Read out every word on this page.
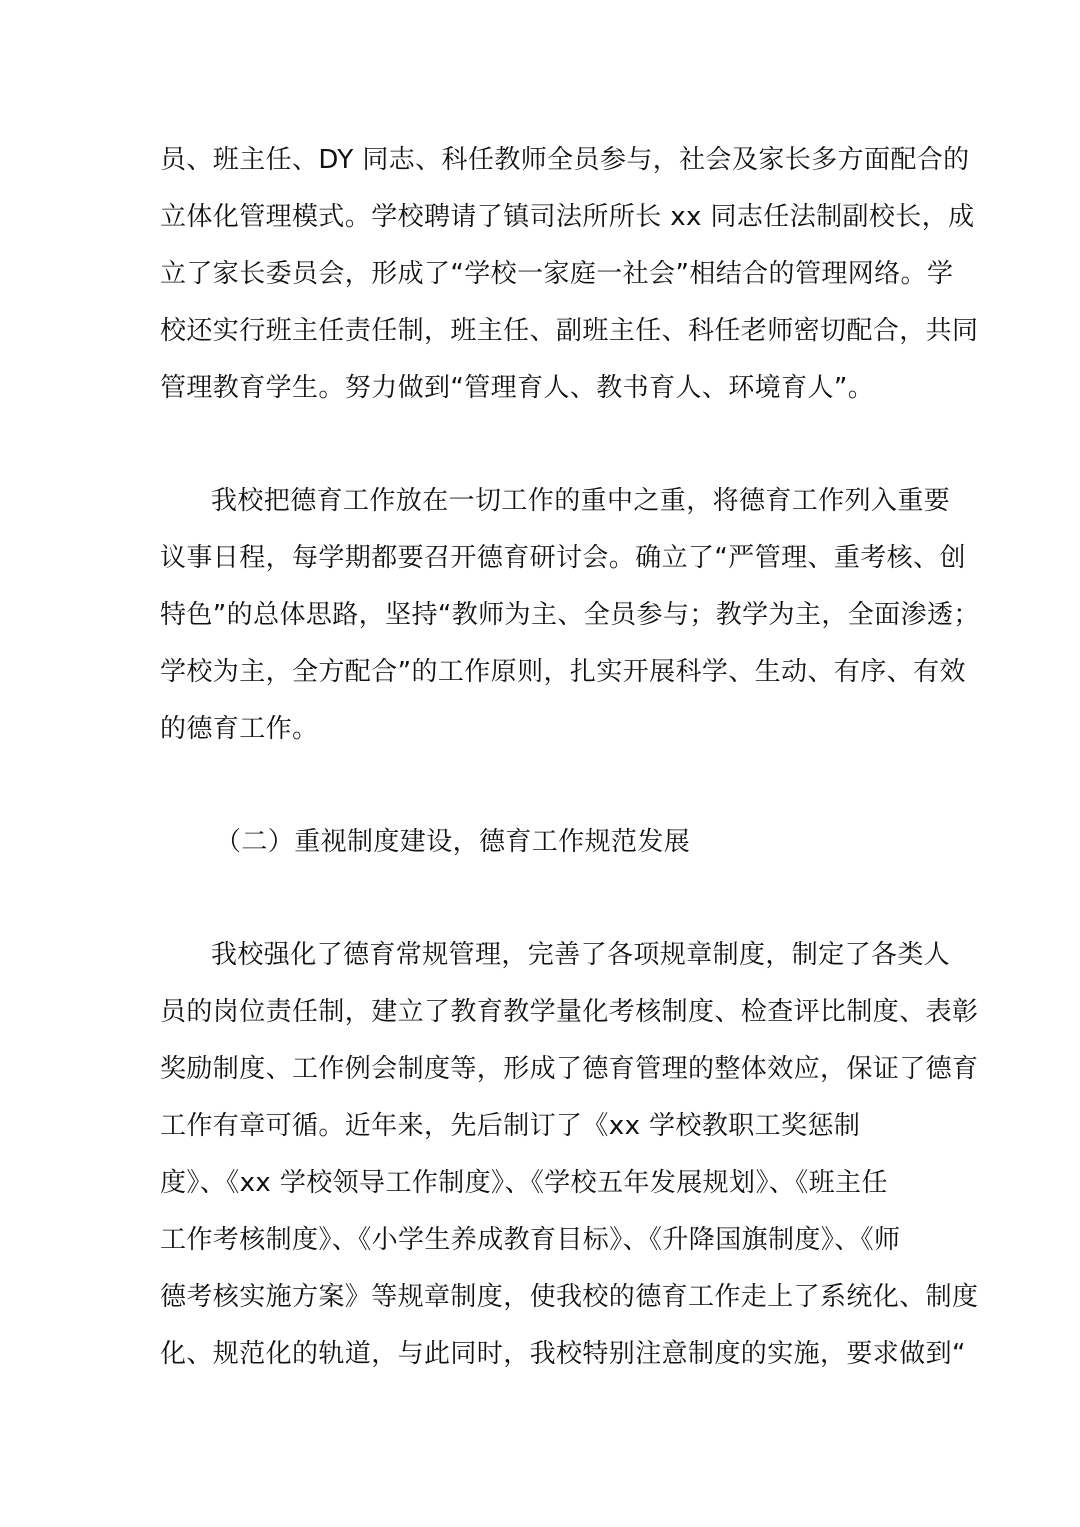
员、班主任、DY 同志、科任教师全员参与，社会及家长多方面配合的
立体化管理模式。学校聘请了镇司法所所长 xx 同志任法制副校长，成
立了家长委员会，形成了“学校一家庭一社会”相结合的管理网络。学
校还实行班主任责任制，班主任、副班主任、科任老师密切配合，共同
管理教育学生。努力做到“管理育人、教书育人、环境育人”。
我校把德育工作放在一切工作的重中之重，将德育工作列入重要
议事日程，每学期都要召开德育研讨会。确立了“严管理、重考核、创
特色”的总体思路，坚持“教师为主、全员参与；教学为主，全面渗透；
学校为主，全方配合”的工作原则，扎实开展科学、生动、有序、有效
的德育工作。
（二）重视制度建设，德育工作规范发展
我校强化了德育常规管理，完善了各项规章制度，制定了各类人
员的岗位责任制，建立了教育教学量化考核制度、检查评比制度、表彰
奖励制度、工作例会制度等，形成了德育管理的整体效应，保证了德育
工作有章可循。近年来，先后制订了《xx 学校教职工奖惩制
度》、《xx 学校领导工作制度》、《学校五年发展规划》、《班主任
工作考核制度》、《小学生养成教育目标》、《升降国旗制度》、《师
德考核实施方案》等规章制度，使我校的德育工作走上了系统化、制度
化、规范化的轨道，与此同时，我校特别注意制度的实施，要求做到“
